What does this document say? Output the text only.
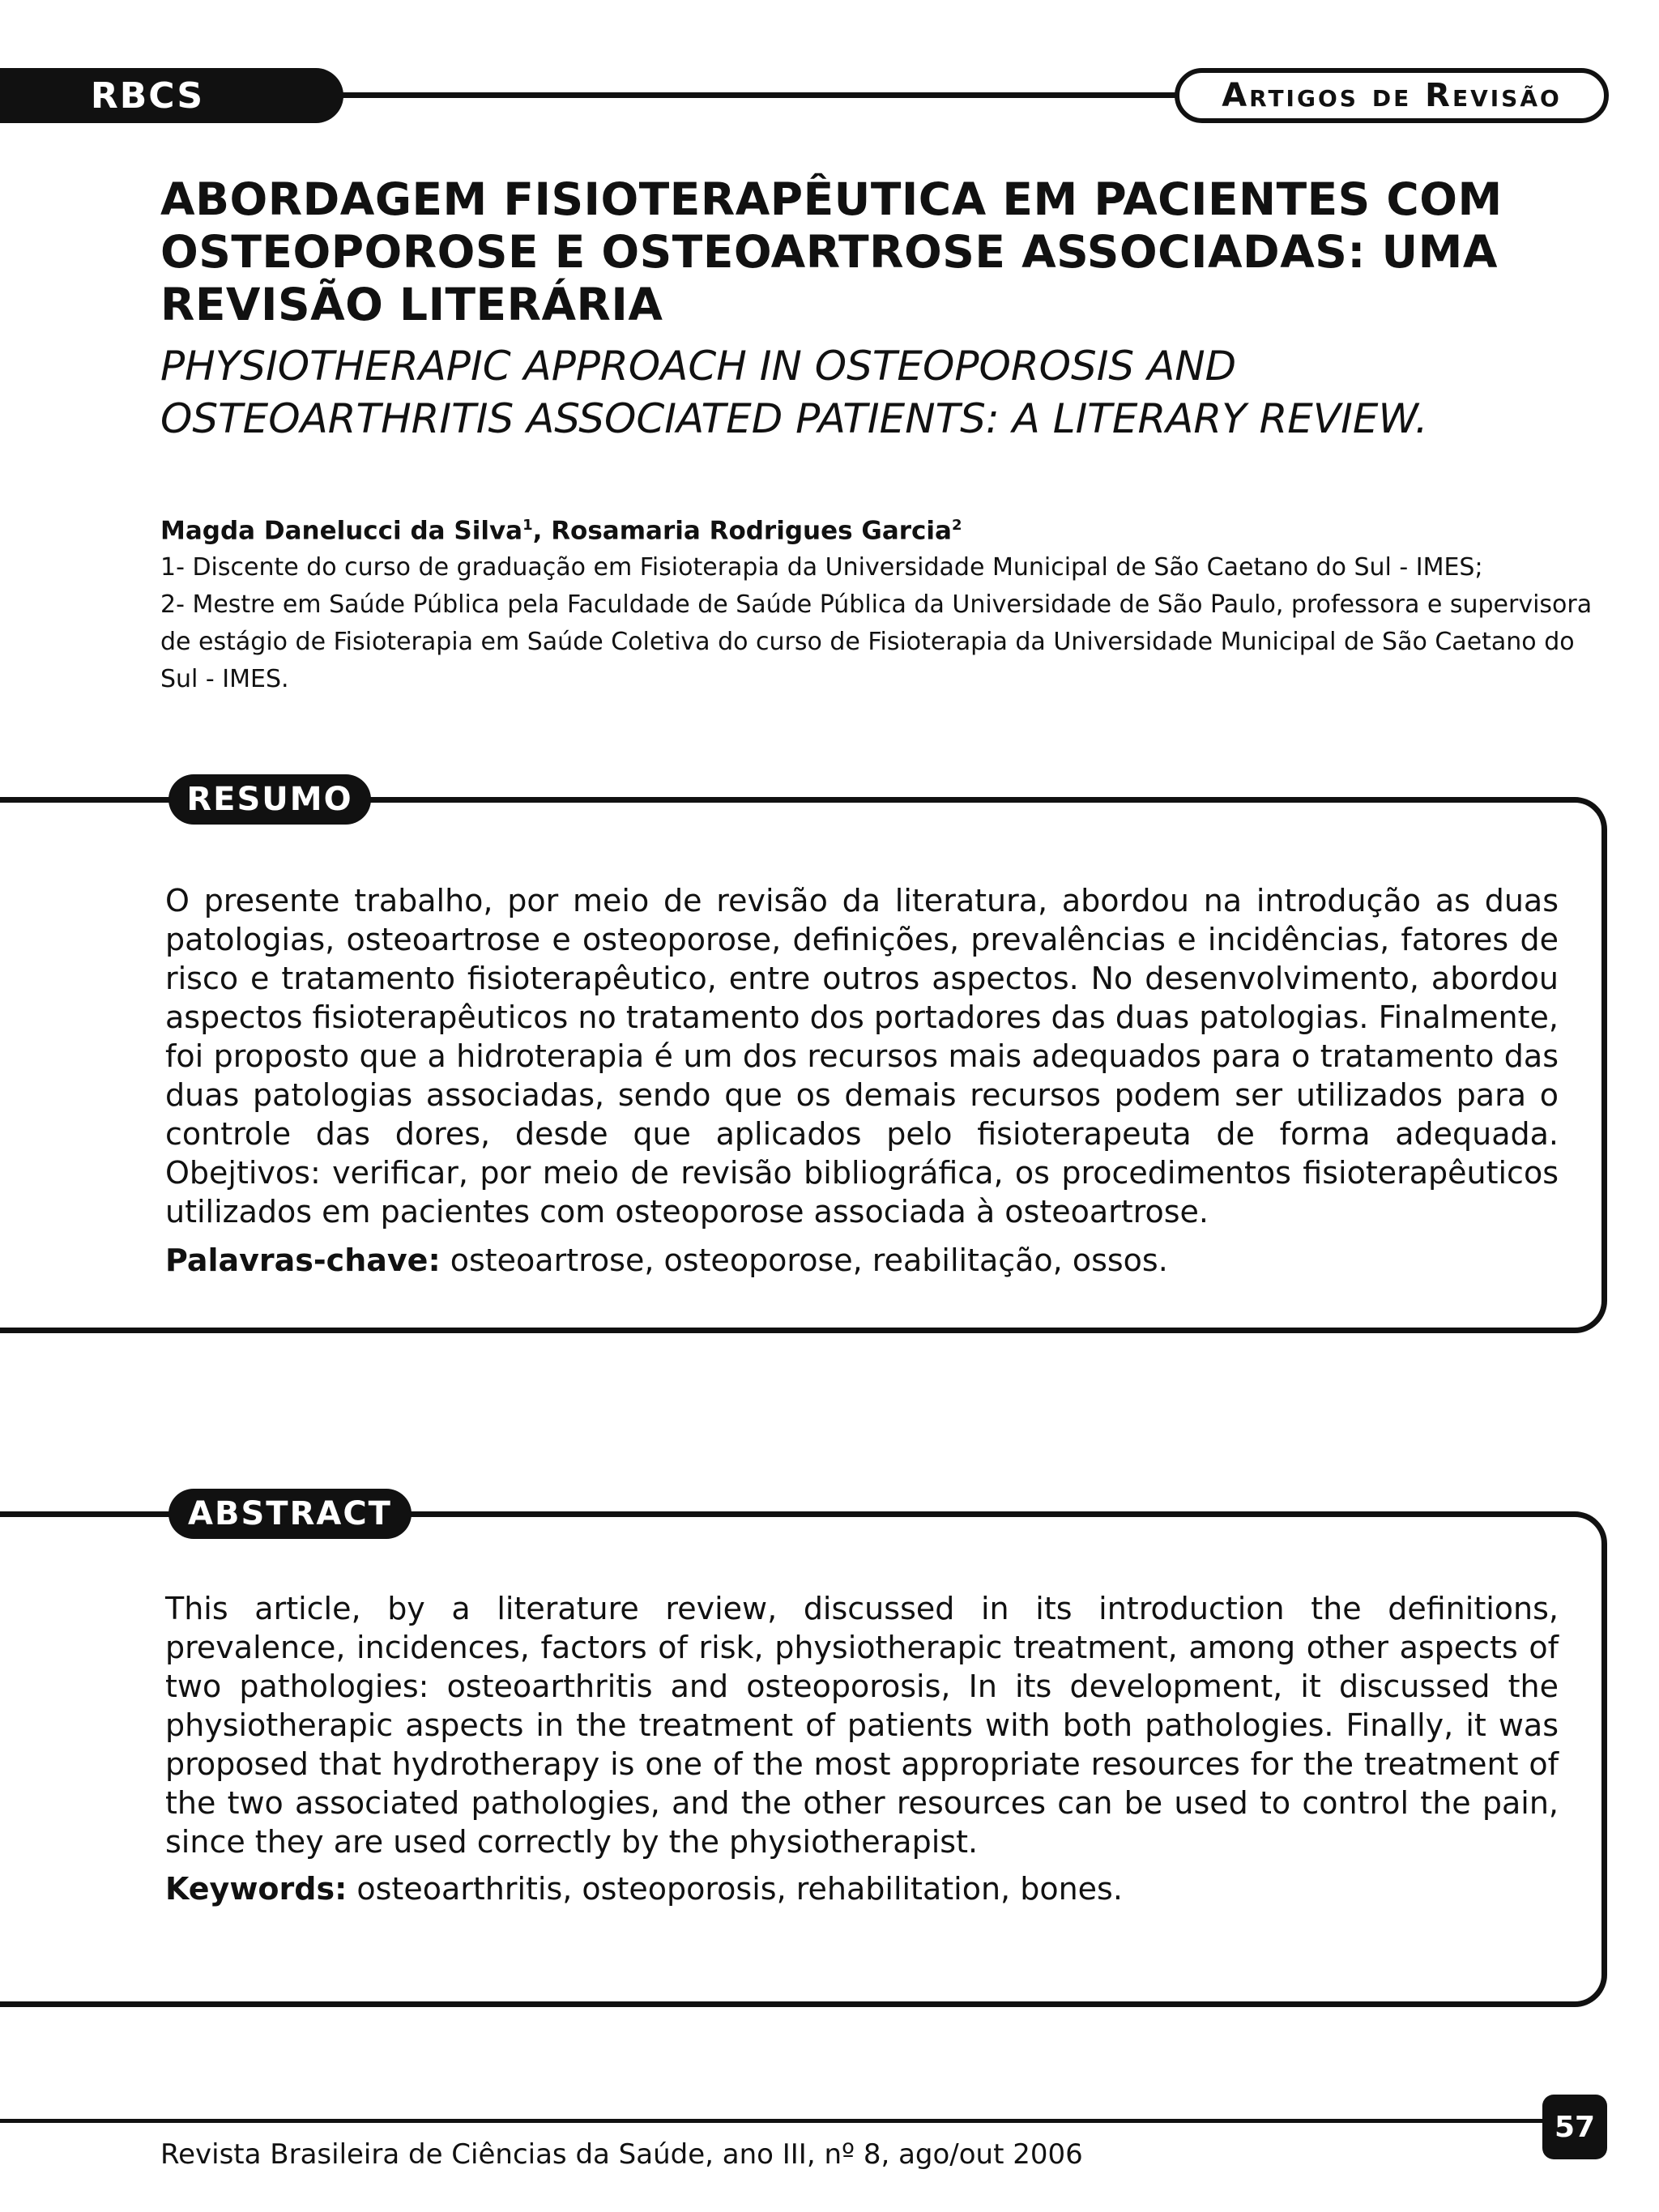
RBCS	Artigos de Revisão
ABORDAGEM FISIOTERAPÊUTICA EM PACIENTES COM OSTEOPOROSE E OSTEOARTROSE ASSOCIADAS: UMA REVISÃO LITERÁRIA
PHYSIOTHERAPIC APPROACH IN OSTEOPOROSIS AND OSTEOARTHRITIS ASSOCIATED PATIENTS: A LITERARY REVIEW.
Magda Danelucci da Silva$^1$, Rosamaria Rodrigues Garcia$^2$
1- Discente do curso de graduação em Fisioterapia da Universidade Municipal de São Caetano do Sul - IMES;
2- Mestre em Saúde Pública pela Faculdade de Saúde Pública da Universidade de São Paulo, professora e supervisora de estágio de Fisioterapia em Saúde Coletiva do curso de Fisioterapia da Universidade Municipal de São Caetano do Sul - IMES.
RESUMO
O presente trabalho, por meio de revisão da literatura, abordou na introdução as duas patologias, osteoartrose e osteoporose, definições, prevalências e incidências, fatores de risco e tratamento fisioterapêutico, entre outros aspectos. No desenvolvimento, abordou aspectos fisioterapêuticos no tratamento dos portadores das duas patologias. Finalmente, foi proposto que a hidroterapia é um dos recursos mais adequados para o tratamento das duas patologias associadas, sendo que os demais recursos podem ser utilizados para o controle das dores, desde que aplicados pelo fisioterapeuta de forma adequada. Obejtivos: verificar, por meio de revisão bibliográfica, os procedimentos fisioterapêuticos utilizados em pacientes com osteoporose associada à osteoartrose.
Palavras-chave: osteoartrose, osteoporose, reabilitação, ossos.
ABSTRACT
This article, by a literature review, discussed in its introduction the definitions, prevalence, incidences, factors of risk, physiotherapic treatment, among other aspects of two pathologies: osteoarthritis and osteoporosis, In its development, it discussed the physiotherapic aspects in the treatment of patients with both pathologies. Finally, it was proposed that hydrotherapy is one of the most appropriate resources for the treatment of the two associated pathologies, and the other resources can be used to control the pain, since they are used correctly by the physiotherapist.
Keywords: osteoarthritis, osteoporosis, rehabilitation, bones.
57
Revista Brasileira de Ciências da Saúde, ano III, nº 8, ago/out 2006
